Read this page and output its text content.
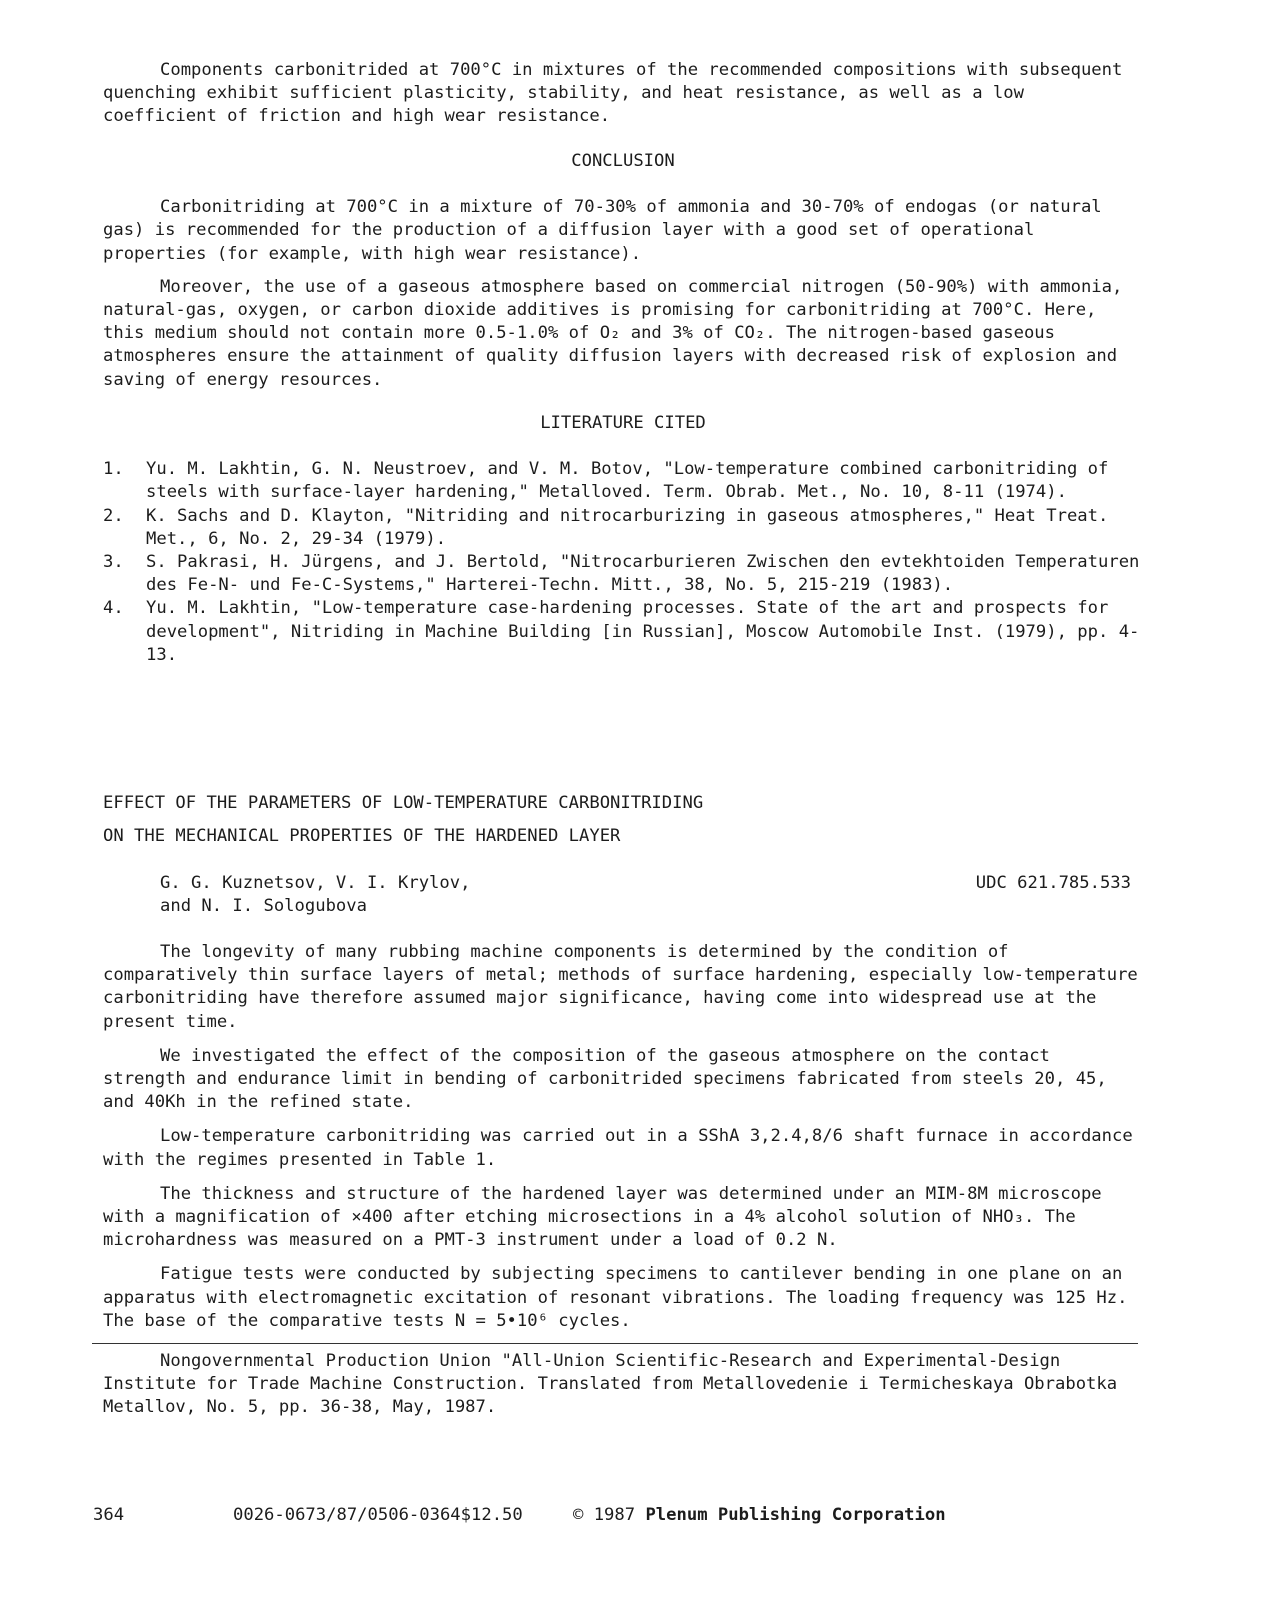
Components carbonitrided at 700°C in mixtures of the recommended compositions with subsequent quenching exhibit sufficient plasticity, stability, and heat resistance, as well as a low coefficient of friction and high wear resistance.

CONCLUSION

Carbonitriding at 700°C in a mixture of 70-30% of ammonia and 30-70% of endogas (or natural gas) is recommended for the production of a diffusion layer with a good set of operational properties (for example, with high wear resistance).

Moreover, the use of a gaseous atmosphere based on commercial nitrogen (50-90%) with ammonia, natural-gas, oxygen, or carbon dioxide additives is promising for carbonitriding at 700°C. Here, this medium should not contain more 0.5-1.0% of O₂ and 3% of CO₂. The nitrogen-based gaseous atmospheres ensure the attainment of quality diffusion layers with decreased risk of explosion and saving of energy resources.

LITERATURE CITED

1. Yu. M. Lakhtin, G. N. Neustroev, and V. M. Botov, "Low-temperature combined carbonitriding of steels with surface-layer hardening," Metalloved. Term. Obrab. Met., No. 10, 8-11 (1974).
2. K. Sachs and D. Klayton, "Nitriding and nitrocarburizing in gaseous atmospheres," Heat Treat. Met., 6, No. 2, 29-34 (1979).
3. S. Pakrasi, H. Jürgens, and J. Bertold, "Nitrocarburieren Zwischen den evtekhtoiden Temperaturen des Fe-N- und Fe-C-Systems," Harterei-Techn. Mitt., 38, No. 5, 215-219 (1983).
4. Yu. M. Lakhtin, "Low-temperature case-hardening processes. State of the art and prospects for development", Nitriding in Machine Building [in Russian], Moscow Automobile Inst. (1979), pp. 4-13.
EFFECT OF THE PARAMETERS OF LOW-TEMPERATURE CARBONITRIDING
ON THE MECHANICAL PROPERTIES OF THE HARDENED LAYER

G. G. Kuznetsov, V. I. Krylov,

and N. I. Sologubova

UDC 621.785.533

The longevity of many rubbing machine components is determined by the condition of comparatively thin surface layers of metal; methods of surface hardening, especially low-temperature carbonitriding have therefore assumed major significance, having come into widespread use at the present time.

We investigated the effect of the composition of the gaseous atmosphere on the contact strength and endurance limit in bending of carbonitrided specimens fabricated from steels 20, 45, and 40Kh in the refined state.

Low-temperature carbonitriding was carried out in a SShA 3,2.4,8/6 shaft furnace in accordance with the regimes presented in Table 1.

The thickness and structure of the hardened layer was determined under an MIM-8M microscope with a magnification of ×400 after etching microsections in a 4% alcohol solution of NHO₃. The microhardness was measured on a PMT-3 instrument under a load of 0.2 N.

Fatigue tests were conducted by subjecting specimens to cantilever bending in one plane on an apparatus with electromagnetic excitation of resonant vibrations. The loading frequency was 125 Hz. The base of the comparative tests N = 5•10⁶ cycles.

Nongovernmental Production Union "All-Union Scientific-Research and Experimental-Design Institute for Trade Machine Construction. Translated from Metallovedenie i Termicheskaya Obrabotka Metallov, No. 5, pp. 36-38, May, 1987.

364	0026-0673/87/0506-0364$12.50	© 1987 Plenum Publishing Corporation
